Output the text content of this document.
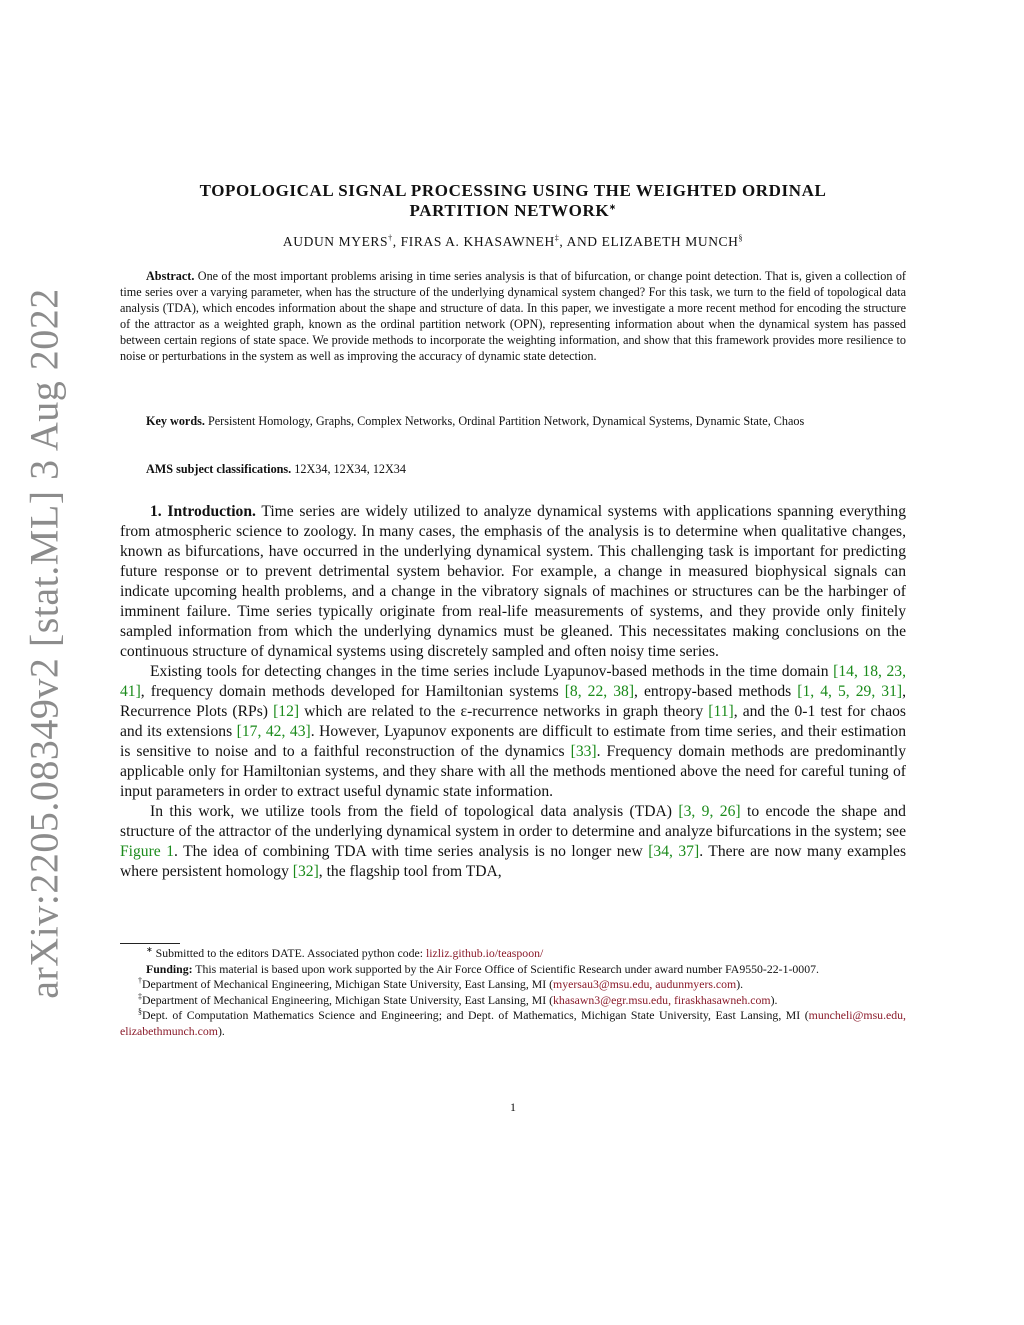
arXiv:2205.08349v2 [stat.ML] 3 Aug 2022
TOPOLOGICAL SIGNAL PROCESSING USING THE WEIGHTED ORDINAL
PARTITION NETWORK∗
AUDUN MYERS†, FIRAS A. KHASAWNEH‡, AND ELIZABETH MUNCH§
Abstract. One of the most important problems arising in time series analysis is that of bifurcation, or change point detection. That is, given a collection of time series over a varying parameter, when has the structure of the underlying dynamical system changed? For this task, we turn to the field of topological data analysis (TDA), which encodes information about the shape and structure of data. In this paper, we investigate a more recent method for encoding the structure of the attractor as a weighted graph, known as the ordinal partition network (OPN), representing information about when the dynamical system has passed between certain regions of state space. We provide methods to incorporate the weighting information, and show that this framework provides more resilience to noise or perturbations in the system as well as improving the accuracy of dynamic state detection.
Key words. Persistent Homology, Graphs, Complex Networks, Ordinal Partition Network, Dynamical Systems, Dynamic State, Chaos
AMS subject classifications. 12X34, 12X34, 12X34

1. Introduction. Time series are widely utilized to analyze dynamical systems with applications spanning everything from atmospheric science to zoology. In many cases, the emphasis of the analysis is to determine when qualitative changes, known as bifurcations, have occurred in the underlying dynamical system. This challenging task is important for predicting future response or to prevent detrimental system behavior. For example, a change in measured biophysical signals can indicate upcoming health problems, and a change in the vibratory signals of machines or structures can be the harbinger of imminent failure. Time series typically originate from real-life measurements of systems, and they provide only finitely sampled information from which the underlying dynamics must be gleaned. This necessitates making conclusions on the continuous structure of dynamical systems using discretely sampled and often noisy time series.

Existing tools for detecting changes in the time series include Lyapunov-based methods in the time domain [14, 18, 23, 41], frequency domain methods developed for Hamiltonian systems [8, 22, 38], entropy-based methods [1, 4, 5, 29, 31], Recurrence Plots (RPs) [12] which are related to the ε-recurrence networks in graph theory [11], and the 0-1 test for chaos and its extensions [17, 42, 43]. However, Lyapunov exponents are difficult to estimate from time series, and their estimation is sensitive to noise and to a faithful reconstruction of the dynamics [33]. Frequency domain methods are predominantly applicable only for Hamiltonian systems, and they share with all the methods mentioned above the need for careful tuning of input parameters in order to extract useful dynamic state information.

In this work, we utilize tools from the field of topological data analysis (TDA) [3, 9, 26] to encode the shape and structure of the attractor of the underlying dynamical system in order to determine and analyze bifurcations in the system; see Figure 1. The idea of combining TDA with time series analysis is no longer new [34, 37]. There are now many examples where persistent homology [32], the flagship tool from TDA,

∗ Submitted to the editors DATE. Associated python code: lizliz.github.io/teaspoon/

Funding: This material is based upon work supported by the Air Force Office of Scientific Research under award number FA9550-22-1-0007.

†Department of Mechanical Engineering, Michigan State University, East Lansing, MI (myersau3@msu.edu, audunmyers.com).

‡Department of Mechanical Engineering, Michigan State University, East Lansing, MI (khasawn3@egr.msu.edu, firaskhasawneh.com).

§Dept. of Computation Mathematics Science and Engineering; and Dept. of Mathematics, Michigan State University, East Lansing, MI (muncheli@msu.edu, elizabethmunch.com).

1
